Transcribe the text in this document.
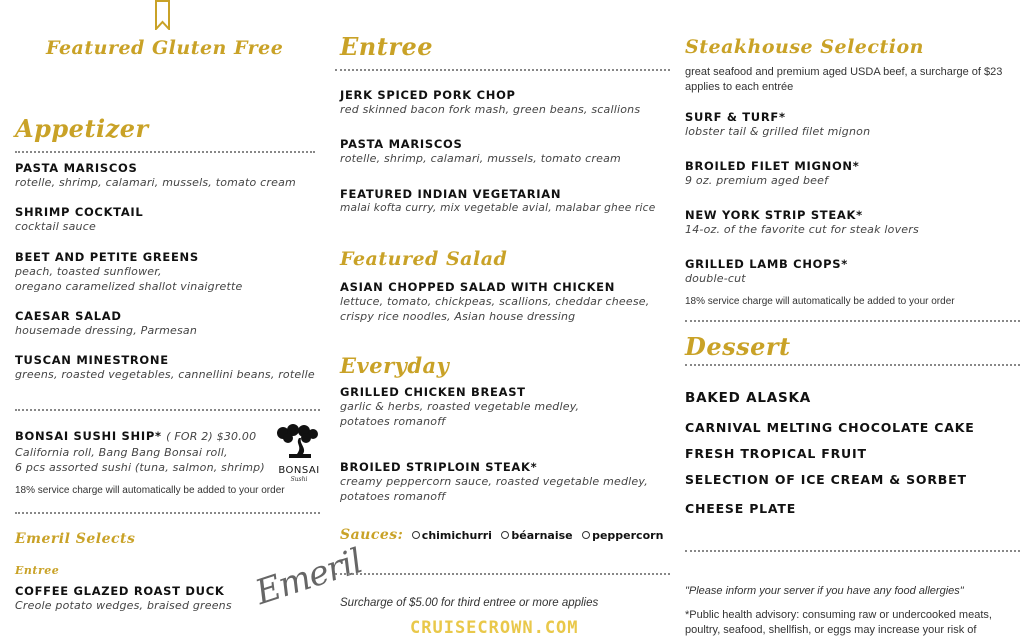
Featured Gluten Free
Appetizer
PASTA MARISCOS
rotelle, shrimp, calamari, mussels, tomato cream
SHRIMP COCKTAIL
cocktail sauce
BEET AND PETITE GREENS
peach, toasted sunflower,
oregano caramelized shallot vinaigrette
CAESAR SALAD
housemade dressing, Parmesan
TUSCAN MINESTRONE
greens, roasted vegetables, cannellini beans, rotelle
BONSAI SUSHI SHIP* ( FOR 2) $30.00
California roll, Bang Bang Bonsai roll,
6 pcs assorted sushi (tuna, salmon, shrimp)
18% service charge will automatically be added to your order
BONSAI
Sushi
Emeril Selects
Entree
COFFEE GLAZED ROAST DUCK
Creole potato wedges, braised greens Emeril
Entree
JERK SPICED PORK CHOP
red skinned bacon fork mash, green beans, scallions
PASTA MARISCOS
rotelle, shrimp, calamari, mussels, tomato cream
FEATURED INDIAN VEGETARIAN
malai kofta curry, mix vegetable avial, malabar ghee rice
Featured Salad
ASIAN CHOPPED SALAD WITH CHICKEN
lettuce, tomato, chickpeas, scallions, cheddar cheese,
crispy rice noodles, Asian house dressing
Everyday
GRILLED CHICKEN BREAST
garlic & herbs, roasted vegetable medley,
potatoes romanoff
BROILED STRIPLOIN STEAK*
creamy peppercorn sauce, roasted vegetable medley,
potatoes romanoff
Sauces: chimichurri béarnaise peppercorn
Surcharge of $5.00 for third entree or more applies
Steakhouse Selection
great seafood and premium aged USDA beef, a surcharge of $23
applies to each entrée
SURF & TURF*
lobster tail & grilled filet mignon
BROILED FILET MIGNON*
9 oz. premium aged beef
NEW YORK STRIP STEAK*
14-oz. of the favorite cut for steak lovers
GRILLED LAMB CHOPS*
double-cut
18% service charge will automatically be added to your order
Dessert
BAKED ALASKA
CARNIVAL MELTING CHOCOLATE CAKE
FRESH TROPICAL FRUIT
SELECTION OF ICE CREAM & SORBET
CHEESE PLATE
"Please inform your server if you have any food allergies"
*Public health advisory: consuming raw or undercooked meats,
poultry, seafood, shellfish, or eggs may increase your risk of
CRUISECROWN.COM
